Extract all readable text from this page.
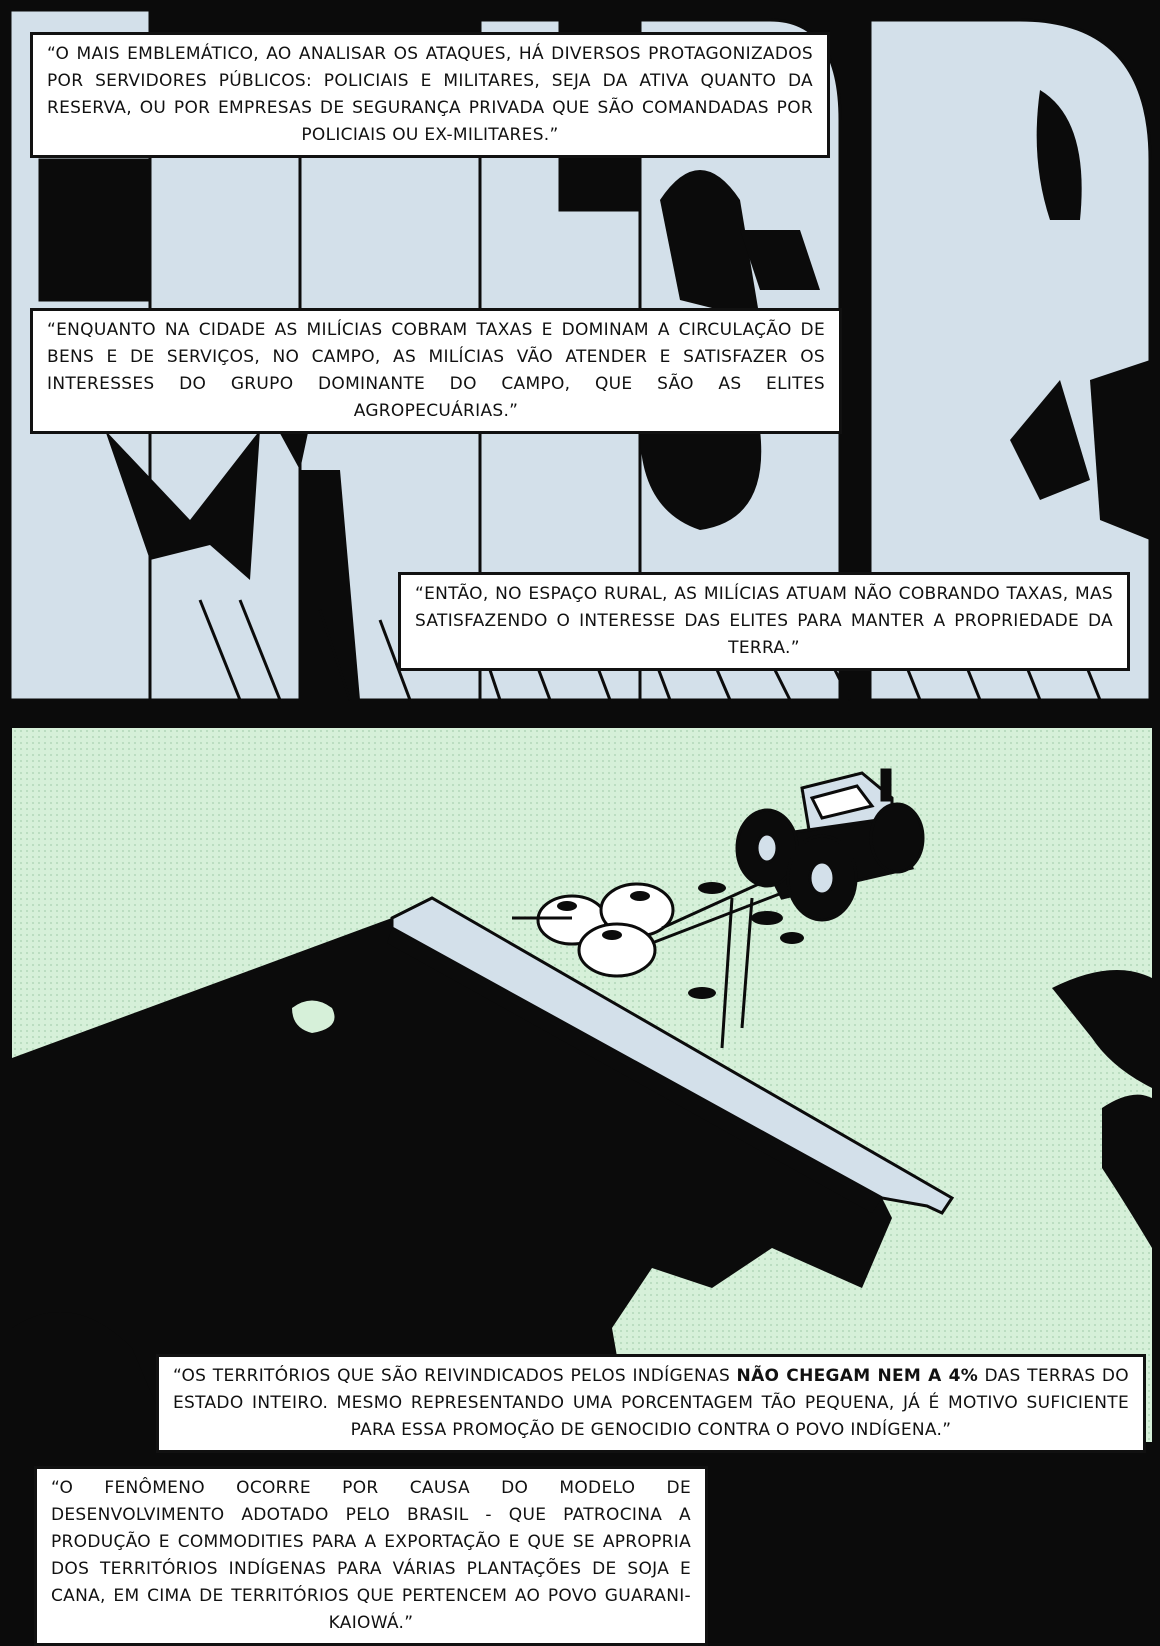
“O MAIS EMBLEMÁTICO, AO ANALISAR OS ATAQUES, HÁ DIVERSOS PROTAGONIZADOS POR SERVIDORES PÚBLICOS: POLICIAIS E MILITARES, SEJA DA ATIVA QUANTO DA RESERVA, OU POR EMPRESAS DE SEGURANÇA PRIVADA QUE SÃO COMANDADAS POR POLICIAIS OU EX-MILITARES.”
“ENQUANTO NA CIDADE AS MILÍCIAS COBRAM TAXAS E DOMINAM A CIRCULAÇÃO DE BENS E DE SERVIÇOS, NO CAMPO, AS MILÍCIAS VÃO ATENDER E SATISFAZER OS INTERESSES DO GRUPO DOMINANTE DO CAMPO, QUE SÃO AS ELITES AGROPECUÁRIAS.”
“ENTÃO, NO ESPAÇO RURAL, AS MILÍCIAS ATUAM NÃO COBRANDO TAXAS, MAS SATISFAZENDO O INTERESSE DAS ELITES PARA MANTER A PROPRIEDADE DA TERRA.”
“O FENÔMENO OCORRE POR CAUSA DO MODELO DE DESENVOLVIMENTO ADOTADO PELO BRASIL - QUE PATROCINA A PRODUÇÃO E COMMODITIES PARA A EXPORTAÇÃO E QUE SE APROPRIA DOS TERRITÓRIOS INDÍGENAS PARA VÁRIAS PLANTAÇÕES DE SOJA E CANA, EM CIMA DE TERRITÓRIOS QUE PERTENCEM AO POVO GUARANI-KAIOWÁ.”
“OS TERRITÓRIOS QUE SÃO REIVINDICADOS PELOS INDÍGENAS NÃO CHEGAM NEM A 4% DAS TERRAS DO ESTADO INTEIRO. MESMO REPRESENTANDO UMA PORCENTAGEM TÃO PEQUENA, JÁ É MOTIVO SUFICIENTE PARA ESSA PROMOÇÃO DE GENOCIDIO CONTRA O POVO INDÍGENA.”
